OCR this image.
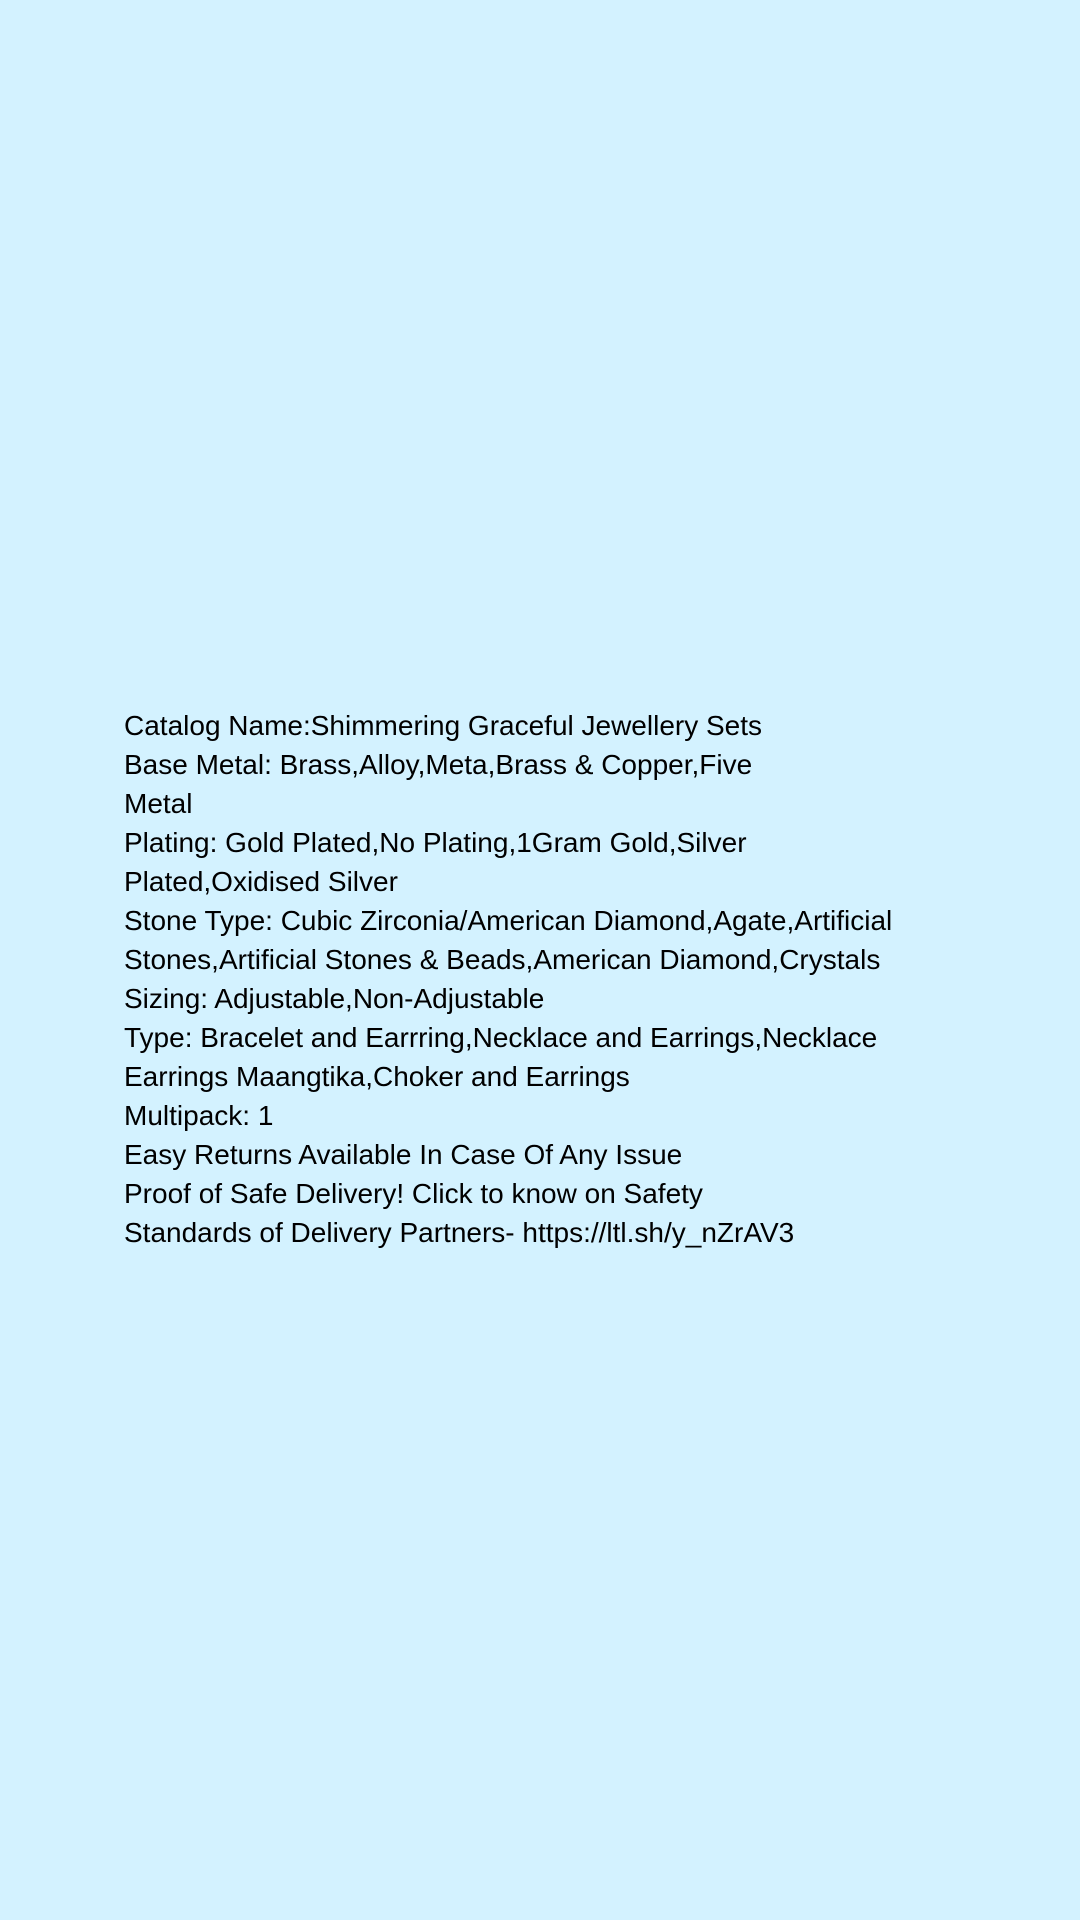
Catalog Name:Shimmering Graceful Jewellery Sets
Base Metal: Brass,Alloy,Meta,Brass & Copper,Five
Metal
Plating: Gold Plated,No Plating,1Gram Gold,Silver
Plated,Oxidised Silver
Stone Type: Cubic Zirconia/American Diamond,Agate,Artificial
Stones,Artificial Stones & Beads,American Diamond,Crystals
Sizing: Adjustable,Non-Adjustable
Type: Bracelet and Earrring,Necklace and Earrings,Necklace
Earrings Maangtika,Choker and Earrings
Multipack: 1
Easy Returns Available In Case Of Any Issue
Proof of Safe Delivery! Click to know on Safety
Standards of Delivery Partners- https://ltl.sh/y_nZrAV3
